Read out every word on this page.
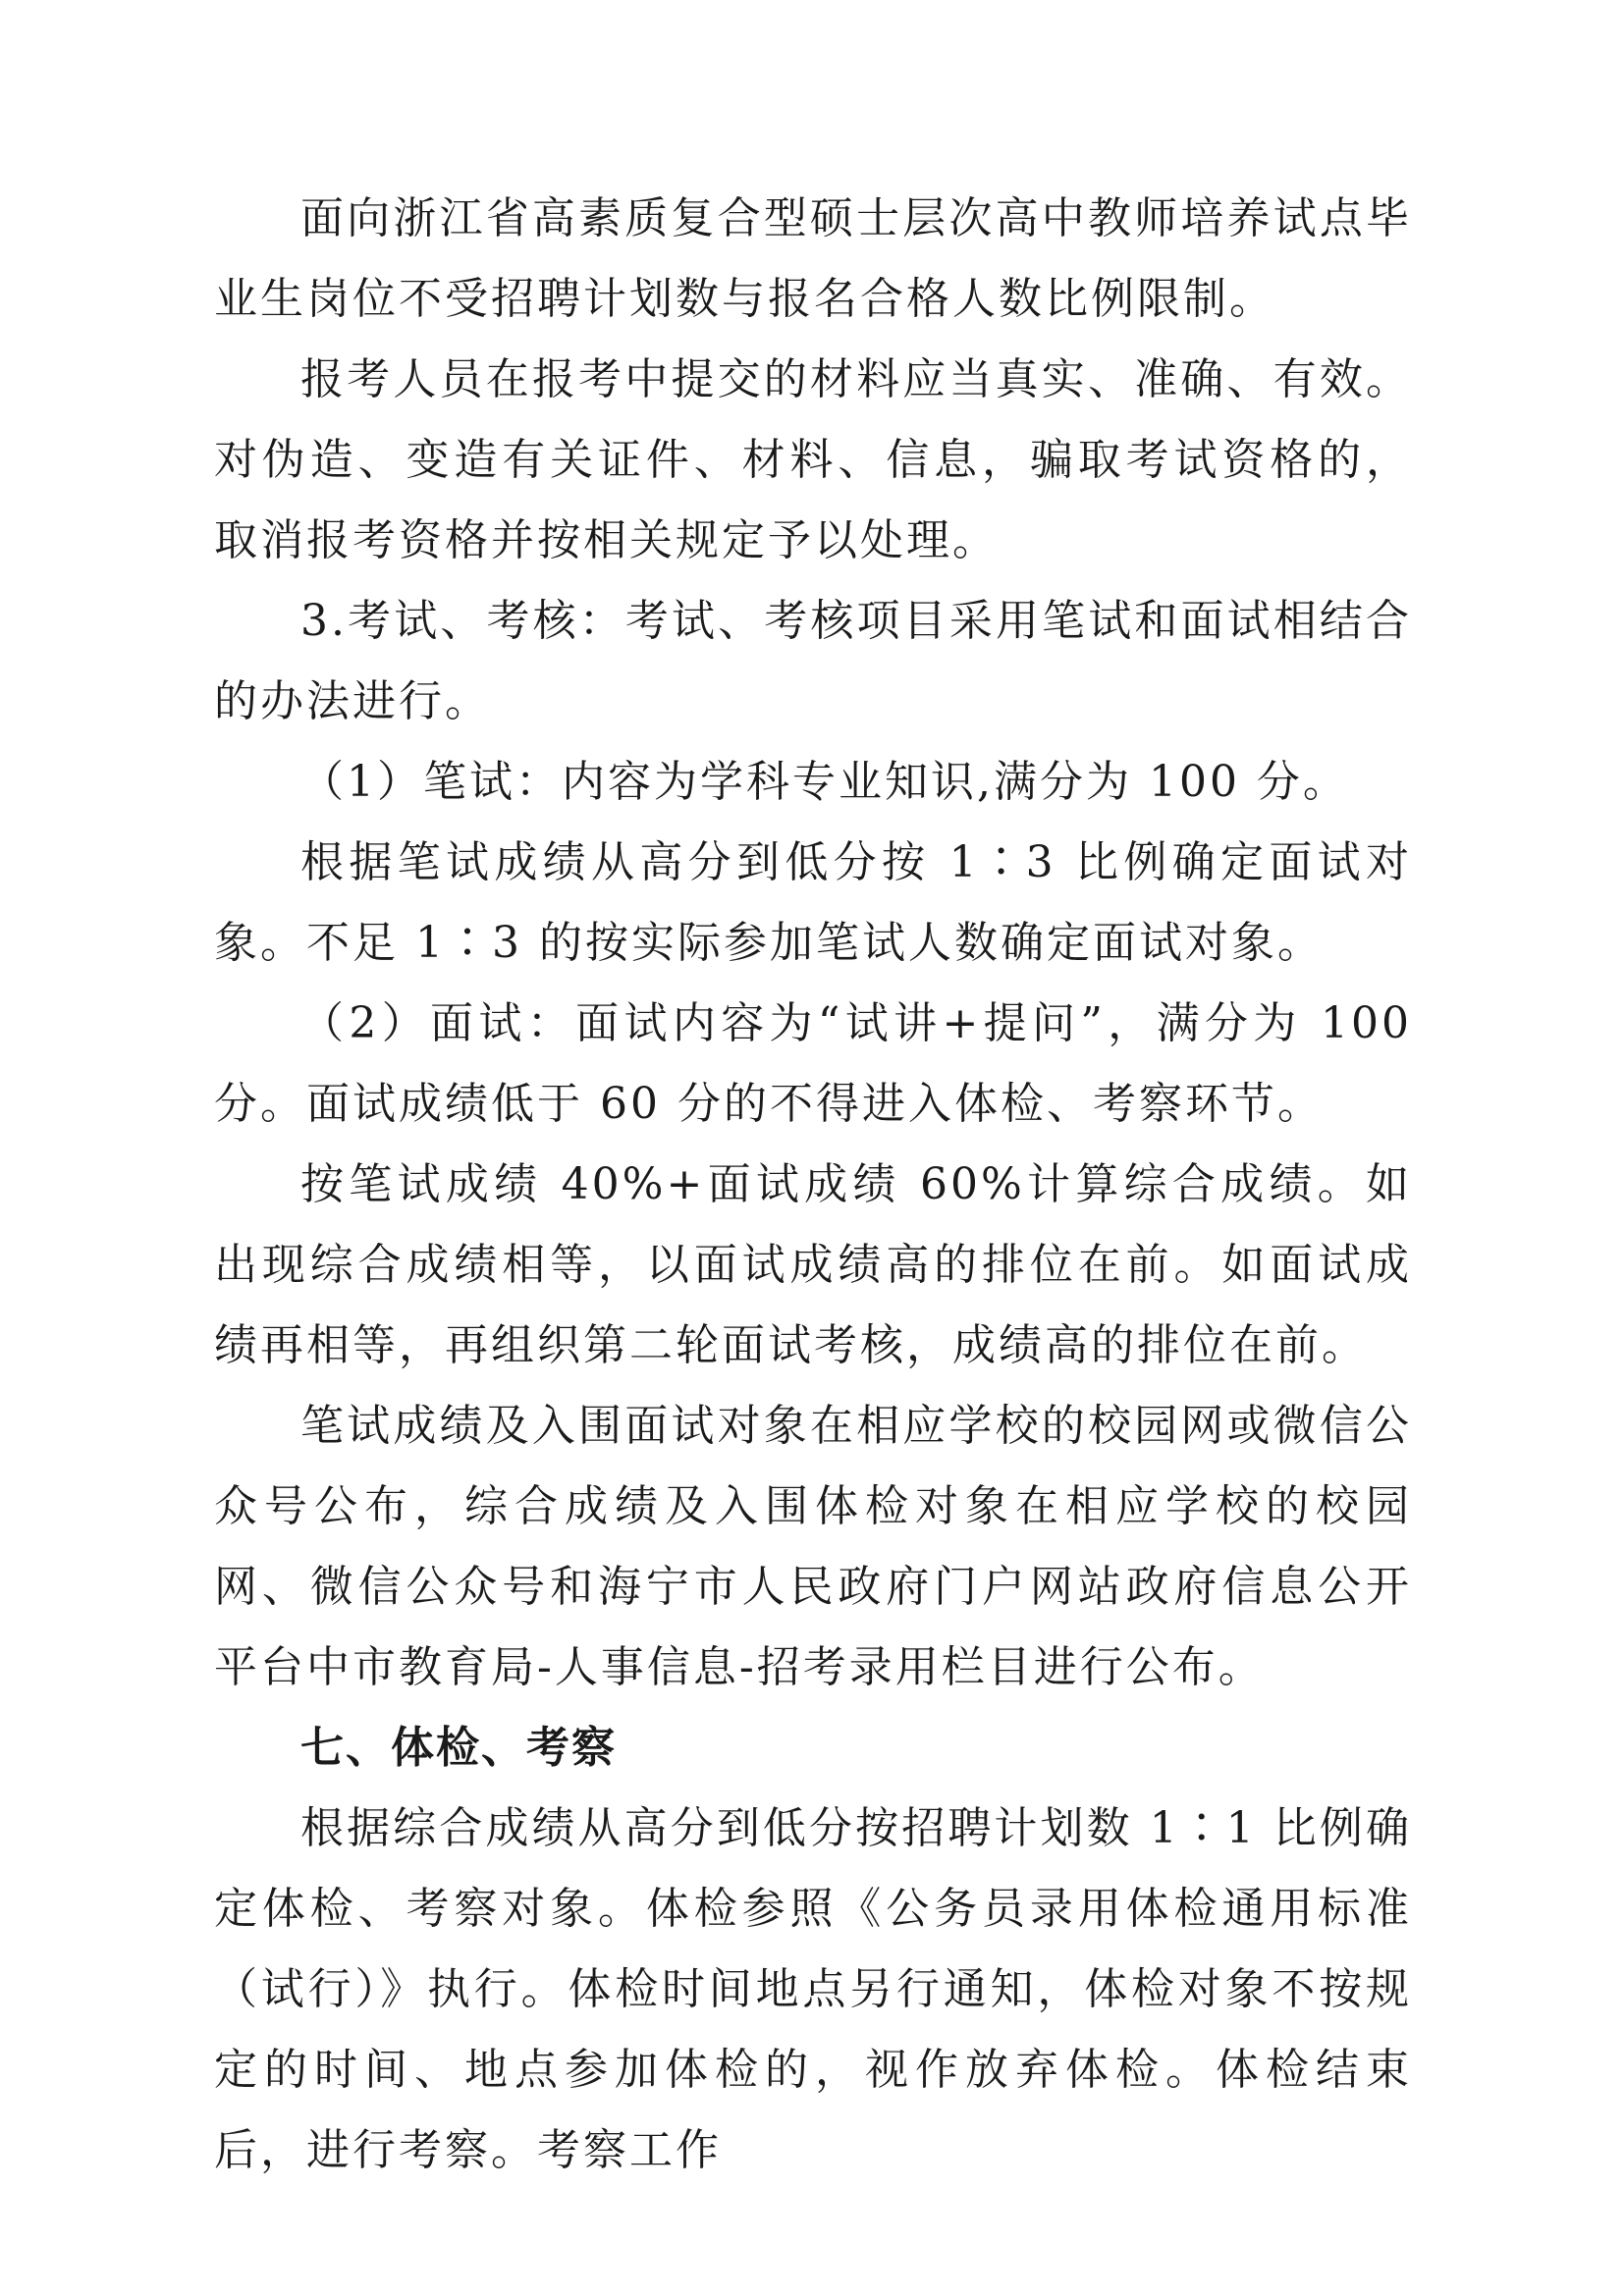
面向浙江省高素质复合型硕士层次高中教师培养试点毕业生岗位不受招聘计划数与报名合格人数比例限制。

报考人员在报考中提交的材料应当真实、准确、有效。对伪造、变造有关证件、材料、信息，骗取考试资格的，取消报考资格并按相关规定予以处理。

3.考试、考核：考试、考核项目采用笔试和面试相结合的办法进行。

（1）笔试：内容为学科专业知识,满分为 100 分。

根据笔试成绩从高分到低分按 1∶3 比例确定面试对象。不足 1∶3 的按实际参加笔试人数确定面试对象。

（2）面试：面试内容为“试讲+提问”，满分为 100 分。面试成绩低于 60 分的不得进入体检、考察环节。

按笔试成绩 40%+面试成绩 60%计算综合成绩。如出现综合成绩相等，以面试成绩高的排位在前。如面试成绩再相等，再组织第二轮面试考核，成绩高的排位在前。

笔试成绩及入围面试对象在相应学校的校园网或微信公众号公布，综合成绩及入围体检对象在相应学校的校园网、微信公众号和海宁市人民政府门户网站政府信息公开平台中市教育局-人事信息-招考录用栏目进行公布。

七、体检、考察

根据综合成绩从高分到低分按招聘计划数 1∶1 比例确定体检、考察对象。体检参照《公务员录用体检通用标准（试行）》执行。体检时间地点另行通知，体检对象不按规定的时间、地点参加体检的，视作放弃体检。体检结束后，进行考察。考察工作
